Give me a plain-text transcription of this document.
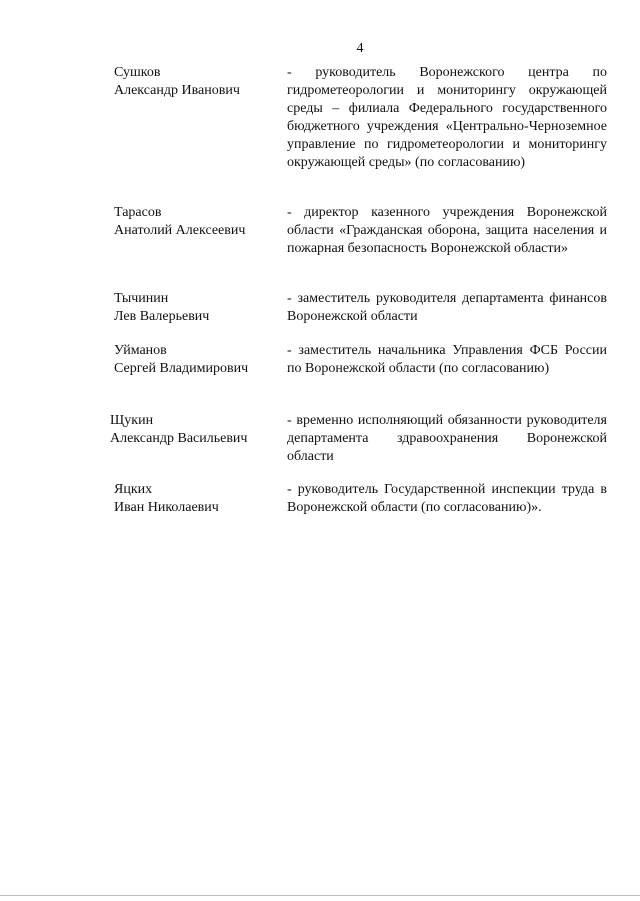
4
Сушков
Александр Иванович

- руководитель Воронежского центра по гидрометеорологии и мониторингу окружающей среды – филиала Федерального государственного бюджетного учреждения «Центрально-Черноземное управление по гидрометеорологии и мониторингу окружающей среды» (по согласованию)

Тарасов
Анатолий Алексеевич

- директор казенного учреждения Воронежской области «Гражданская оборона, защита населения и пожарная безопасность Воронежской области»

Тычинин
Лев Валерьевич

- заместитель руководителя департамента финансов Воронежской области

Уйманов
Сергей Владимирович

- заместитель начальника Управления ФСБ России по Воронежской области (по согласованию)

Щукин
Александр Васильевич

- временно исполняющий обязанности руководителя департамента здравоохранения Воронежской области

Яцких
Иван Николаевич

- руководитель Государственной инспекции труда в Воронежской области (по согласованию)».
